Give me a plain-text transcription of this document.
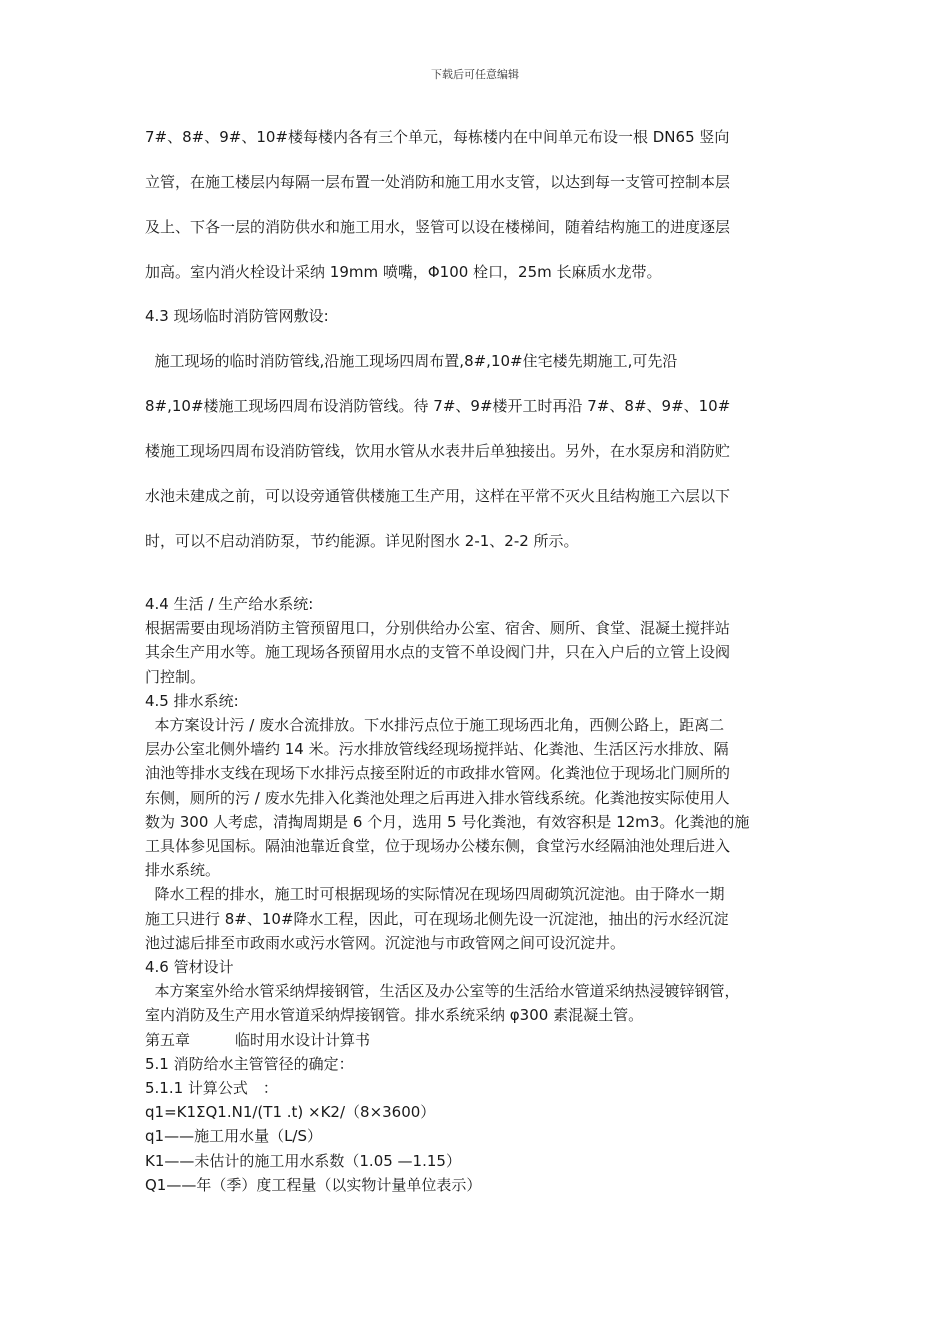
下载后可任意编辑
7#、8#、9#、10#楼每楼内各有三个单元，每栋楼内在中间单元布设一根 DN65 竖向
立管，在施工楼层内每隔一层布置一处消防和施工用水支管，以达到每一支管可控制本层
及上、下各一层的消防供水和施工用水，竖管可以设在楼梯间，随着结构施工的进度逐层
加高。室内消火栓设计采纳 19mm 喷嘴，Φ100 栓口，25m 长麻质水龙带。
4.3 现场临时消防管网敷设:
施工现场的临时消防管线,沿施工现场四周布置,8#,10#住宅楼先期施工,可先沿
8#,10#楼施工现场四周布设消防管线。待 7#、9#楼开工时再沿 7#、8#、9#、10#
楼施工现场四周布设消防管线，饮用水管从水表井后单独接出。另外，在水泵房和消防贮
水池未建成之前，可以设旁通管供楼施工生产用，这样在平常不灭火且结构施工六层以下
时，可以不启动消防泵，节约能源。详见附图水 2-1、2-2 所示。
4.4 生活 / 生产给水系统:
根据需要由现场消防主管预留甩口，分别供给办公室、宿舍、厕所、食堂、混凝土搅拌站
其余生产用水等。施工现场各预留用水点的支管不单设阀门井，只在入户后的立管上设阀
门控制。
4.5 排水系统:
本方案设计污 / 废水合流排放。下水排污点位于施工现场西北角，西侧公路上，距离二
层办公室北侧外墙约 14 米。污水排放管线经现场搅拌站、化粪池、生活区污水排放、隔
油池等排水支线在现场下水排污点接至附近的市政排水管网。化粪池位于现场北门厕所的
东侧，厕所的污 / 废水先排入化粪池处理之后再进入排水管线系统。化粪池按实际使用人
数为 300 人考虑，清掏周期是 6 个月，选用 5 号化粪池，有效容积是 12m3。化粪池的施
工具体参见国标。隔油池靠近食堂，位于现场办公楼东侧，食堂污水经隔油池处理后进入
排水系统。
降水工程的排水，施工时可根据现场的实际情况在现场四周砌筑沉淀池。由于降水一期
施工只进行 8#、10#降水工程，因此，可在现场北侧先设一沉淀池，抽出的污水经沉淀
池过滤后排至市政雨水或污水管网。沉淀池与市政管网之间可设沉淀井。
4.6 管材设计
本方案室外给水管采纳焊接钢管，生活区及办公室等的生活给水管道采纳热浸镀锌钢管，
室内消防及生产用水管道采纳焊接钢管。排水系统采纳 φ300 素混凝土管。
第五章　　　临时用水设计计算书
5.1 消防给水主管管径的确定：
5.1.1 计算公式　：
q1=K1ΣQ1.N1/(T1 .t) ×K2/（8×3600）
q1——施工用水量（L/S）
K1——未估计的施工用水系数（1.05 —1.15）
Q1——年（季）度工程量（以实物计量单位表示）
